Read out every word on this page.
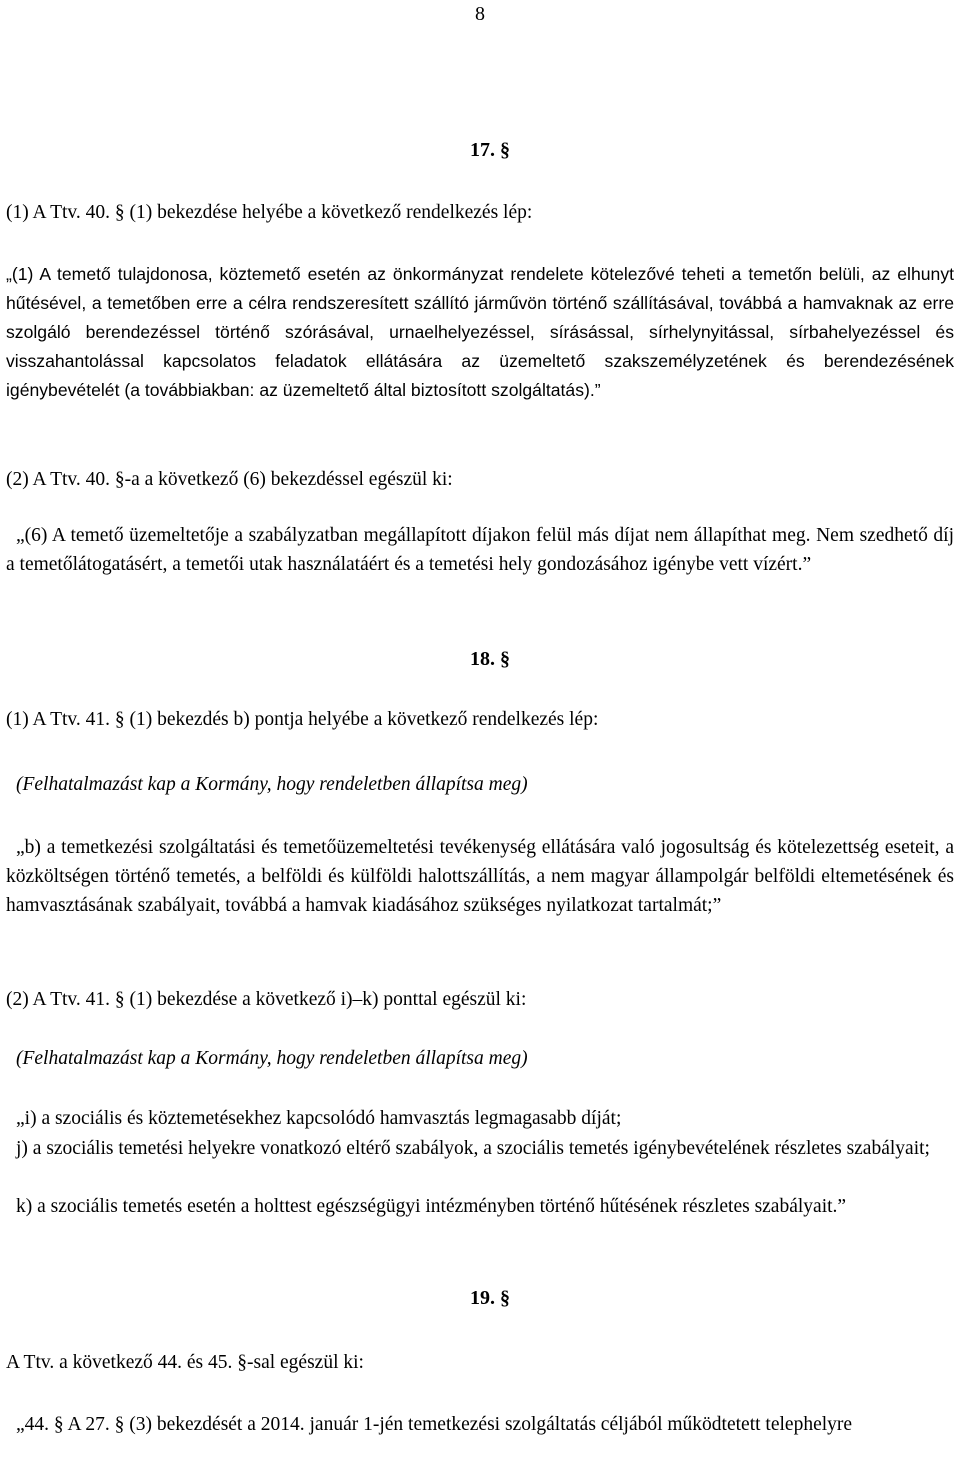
8
17. §

(1) A Ttv. 40. § (1) bekezdése helyébe a következő rendelkezés lép:

„(1) A temető tulajdonosa, köztemető esetén az önkormányzat rendelete kötelezővé teheti a temetőn belüli, az elhunyt hűtésével, a temetőben erre a célra rendszeresített szállító járművön történő szállításával, továbbá a hamvaknak az erre szolgáló berendezéssel történő szórásával, urnaelhelyezéssel, sírásással, sírhelynyitással, sírbahelyezéssel és visszahantolással kapcsolatos feladatok ellátására az üzemeltető szakszemélyzetének és berendezésének igénybevételét (a továbbiakban: az üzemeltető által biztosított szolgáltatás).”

(2) A Ttv. 40. §-a a következő (6) bekezdéssel egészül ki:

„(6) A temető üzemeltetője a szabályzatban megállapított díjakon felül más díjat nem állapíthat meg. Nem szedhető díj a temetőlátogatásért, a temetői utak használatáért és a temetési hely gondozásához igénybe vett vízért.”

18. §

(1) A Ttv. 41. § (1) bekezdés b) pontja helyébe a következő rendelkezés lép:

(Felhatalmazást kap a Kormány, hogy rendeletben állapítsa meg)

„b) a temetkezési szolgáltatási és temetőüzemeltetési tevékenység ellátására való jogosultság és kötelezettség eseteit, a közköltségen történő temetés, a belföldi és külföldi halottszállítás, a nem magyar állampolgár belföldi eltemetésének és hamvasztásának szabályait, továbbá a hamvak kiadásához szükséges nyilatkozat tartalmát;”

(2) A Ttv. 41. § (1) bekezdése a következő i)–k) ponttal egészül ki:

(Felhatalmazást kap a Kormány, hogy rendeletben állapítsa meg)

„i) a szociális és köztemetésekhez kapcsolódó hamvasztás legmagasabb díját;

j) a szociális temetési helyekre vonatkozó eltérő szabályok, a szociális temetés igénybevételének részletes szabályait;

k) a szociális temetés esetén a holttest egészségügyi intézményben történő hűtésének részletes szabályait.”

19. §

A Ttv. a következő 44. és 45. §-sal egészül ki:

„44. § A 27. § (3) bekezdését a 2014. január 1-jén temetkezési szolgáltatás céljából működtetett telephelyre
